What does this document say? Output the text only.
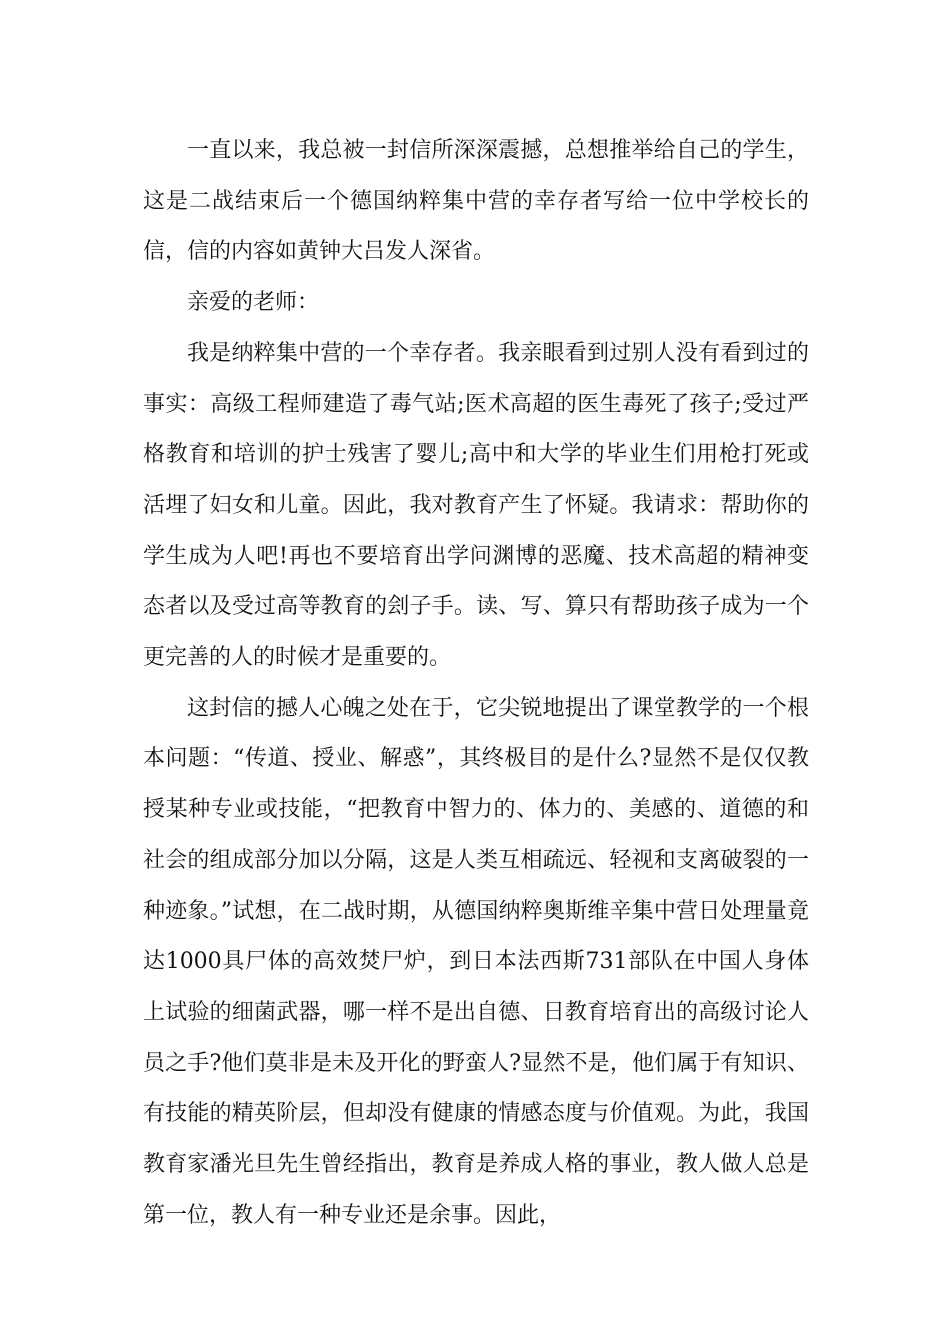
一直以来，我总被一封信所深深震撼，总想推举给自己的学生，这是二战结束后一个德国纳粹集中营的幸存者写给一位中学校长的信，信的内容如黄钟大吕发人深省。

亲爱的老师：

我是纳粹集中营的一个幸存者。我亲眼看到过别人没有看到过的事实：高级工程师建造了毒气站;医术高超的医生毒死了孩子;受过严格教育和培训的护士残害了婴儿;高中和大学的毕业生们用枪打死或活埋了妇女和儿童。因此，我对教育产生了怀疑。我请求：帮助你的学生成为人吧!再也不要培育出学问渊博的恶魔、技术高超的精神变态者以及受过高等教育的刽子手。读、写、算只有帮助孩子成为一个更完善的人的时候才是重要的。

这封信的撼人心魄之处在于，它尖锐地提出了课堂教学的一个根本问题：“传道、授业、解惑”，其终极目的是什么?显然不是仅仅教授某种专业或技能，“把教育中智力的、体力的、美感的、道德的和社会的组成部分加以分隔，这是人类互相疏远、轻视和支离破裂的一种迹象。”试想，在二战时期，从德国纳粹奥斯维辛集中营日处理量竟达1000具尸体的高效焚尸炉，到日本法西斯731部队在中国人身体上试验的细菌武器，哪一样不是出自德、日教育培育出的高级讨论人员之手?他们莫非是未及开化的野蛮人?显然不是，他们属于有知识、有技能的精英阶层，但却没有健康的情感态度与价值观。为此，我国教育家潘光旦先生曾经指出，教育是养成人格的事业，教人做人总是第一位，教人有一种专业还是余事。因此，
